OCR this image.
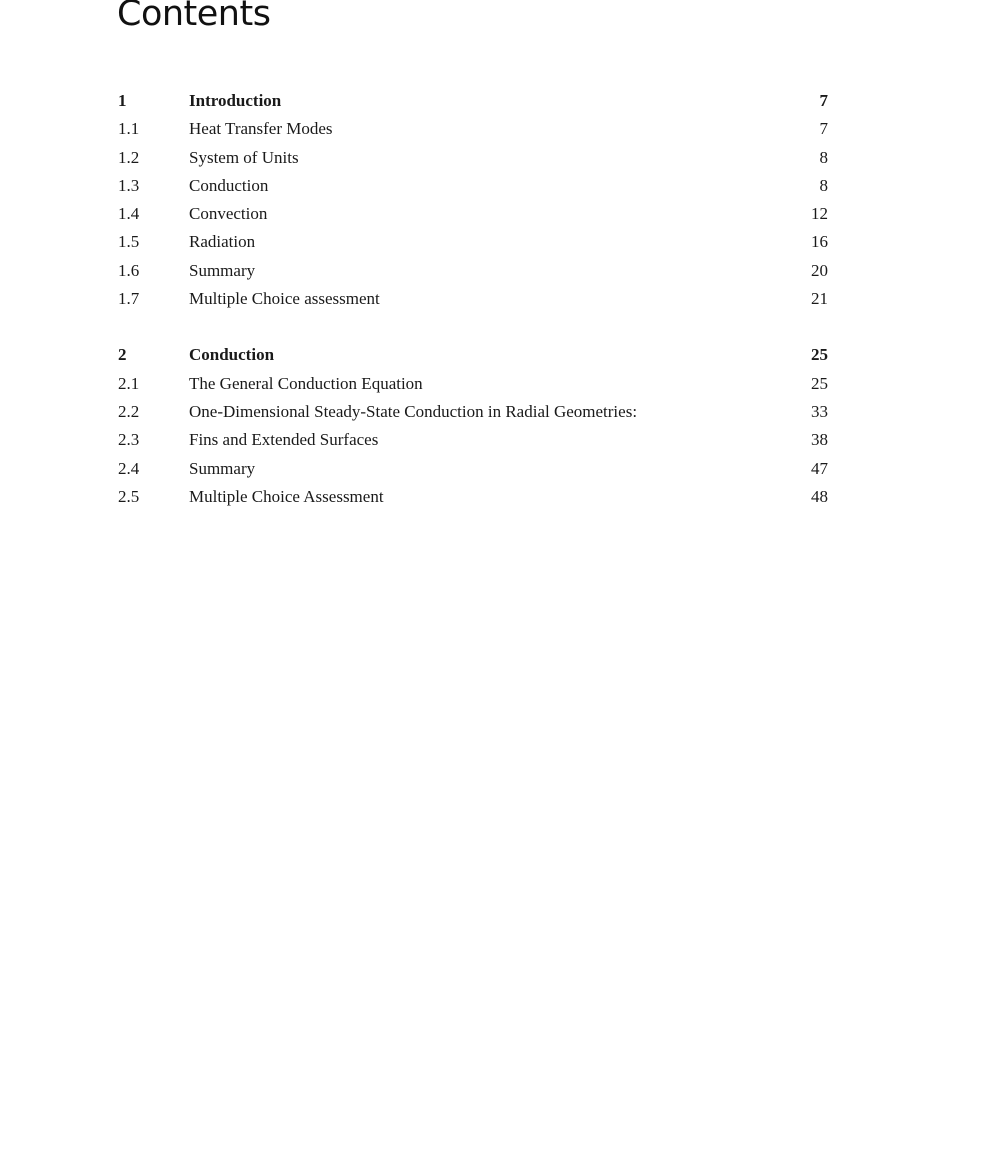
Contents
1	Introduction	7
1.1	Heat Transfer Modes	7
1.2	System of Units	8
1.3	Conduction	8
1.4	Convection	12
1.5	Radiation	16
1.6	Summary	20
1.7	Multiple Choice assessment	21
2	Conduction	25
2.1	The General Conduction Equation	25
2.2	One-Dimensional Steady-State Conduction in Radial Geometries:	33
2.3	Fins and Extended Surfaces	38
2.4	Summary	47
2.5	Multiple Choice Assessment	48
